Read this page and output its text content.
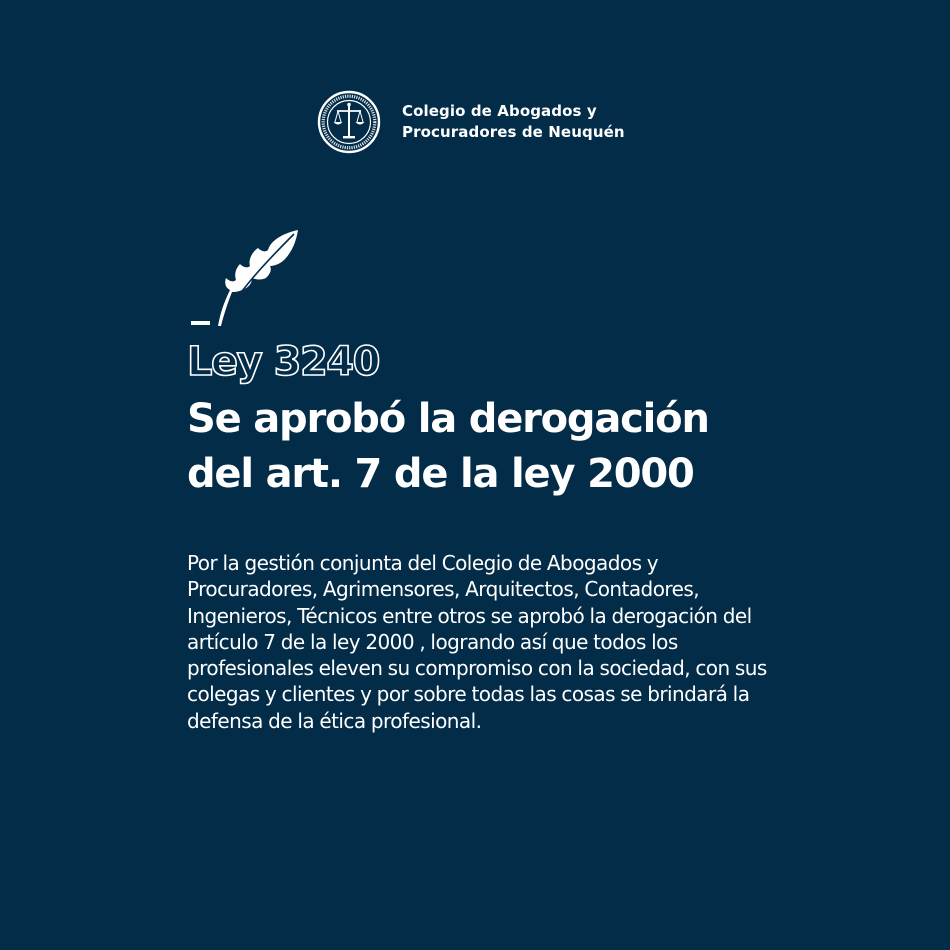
Colegio de Abogados y
Procuradores de Neuquén
Ley 3240
Se aprobó la derogación
del art. 7 de la ley 2000

Por la gestión conjunta del Colegio de Abogados y
Procuradores, Agrimensores, Arquitectos, Contadores,
Ingenieros, Técnicos entre otros se aprobó la derogación del
artículo 7 de la ley 2000 , logrando así que todos los
profesionales eleven su compromiso con la sociedad, con sus
colegas y clientes y por sobre todas las cosas se brindará la
defensa de la ética profesional.
